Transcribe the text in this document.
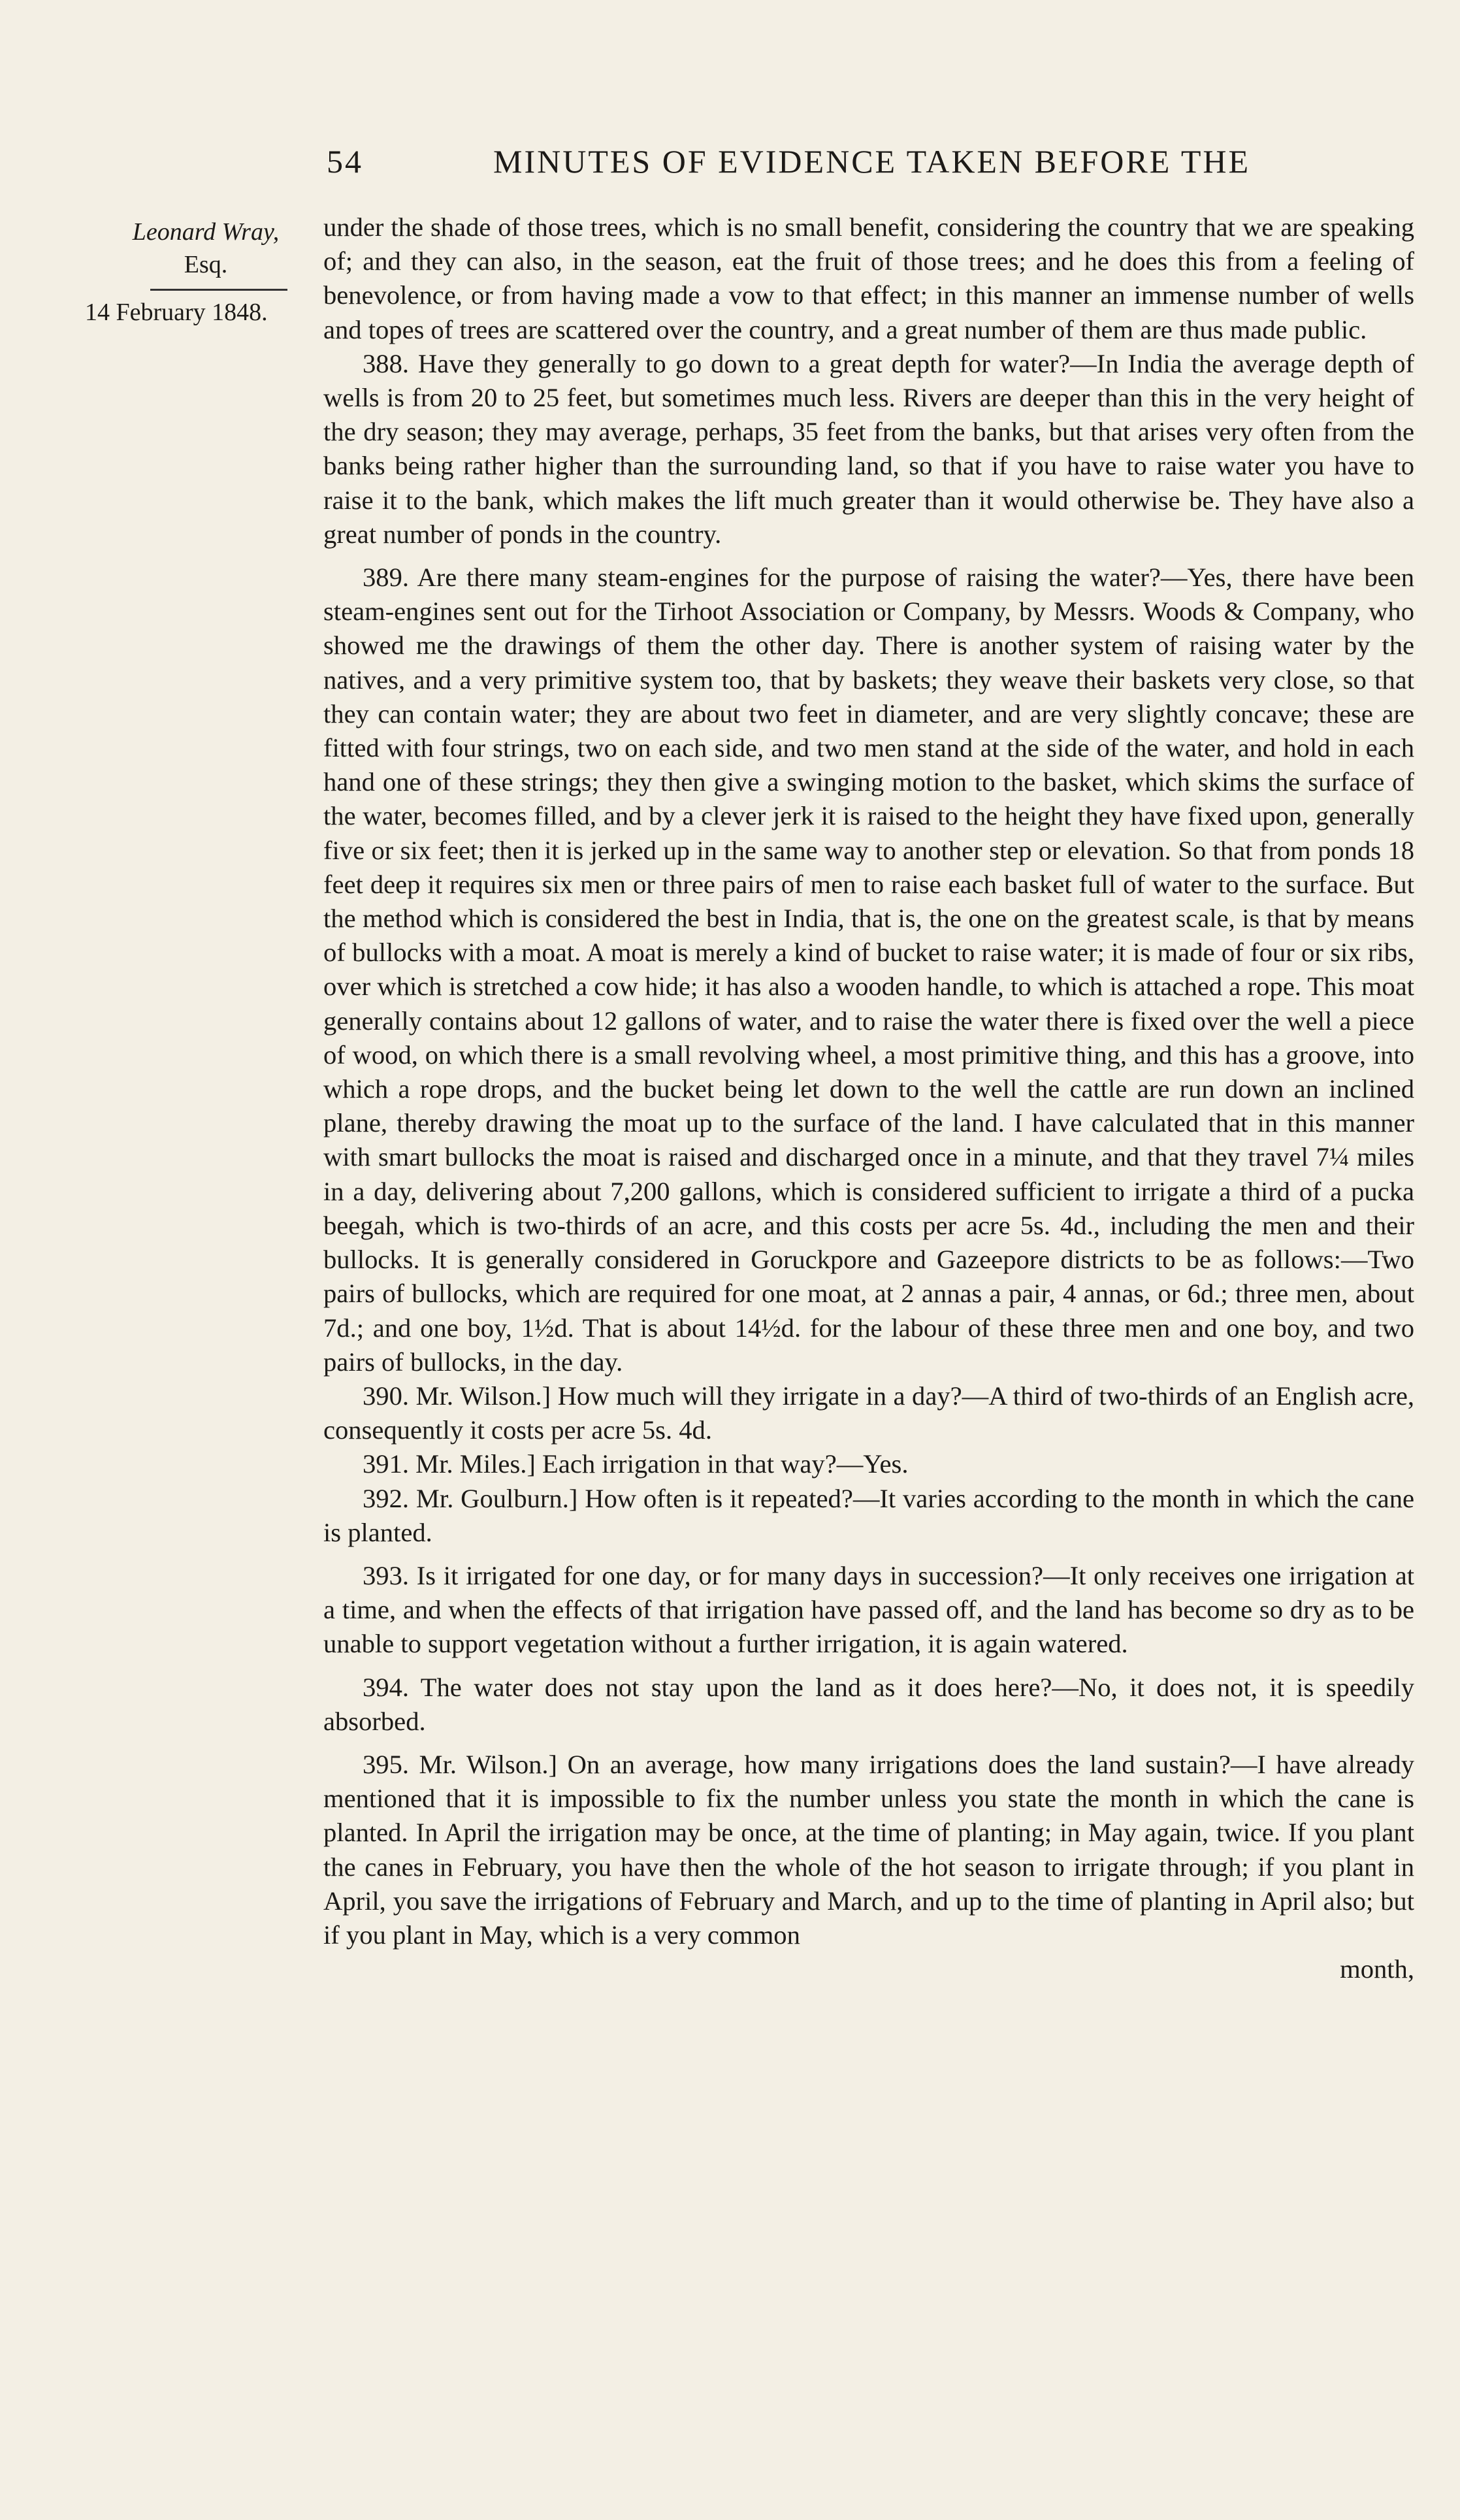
54	MINUTES OF EVIDENCE TAKEN BEFORE THE
Leonard Wray,
Esq.
14 February 1848.

under the shade of those trees, which is no small benefit, considering the country that we are speaking of; and they can also, in the season, eat the fruit of those trees; and he does this from a feeling of benevolence, or from having made a vow to that effect; in this manner an immense number of wells and topes of trees are scattered over the country, and a great number of them are thus made public.

388. Have they generally to go down to a great depth for water?—In India the average depth of wells is from 20 to 25 feet, but sometimes much less. Rivers are deeper than this in the very height of the dry season; they may average, perhaps, 35 feet from the banks, but that arises very often from the banks being rather higher than the surrounding land, so that if you have to raise water you have to raise it to the bank, which makes the lift much greater than it would otherwise be. They have also a great number of ponds in the country.

389. Are there many steam-engines for the purpose of raising the water?—Yes, there have been steam-engines sent out for the Tirhoot Association or Company, by Messrs. Woods & Company, who showed me the drawings of them the other day. There is another system of raising water by the natives, and a very primitive system too, that by baskets; they weave their baskets very close, so that they can contain water; they are about two feet in diameter, and are very slightly concave; these are fitted with four strings, two on each side, and two men stand at the side of the water, and hold in each hand one of these strings; they then give a swinging motion to the basket, which skims the surface of the water, becomes filled, and by a clever jerk it is raised to the height they have fixed upon, generally five or six feet; then it is jerked up in the same way to another step or elevation. So that from ponds 18 feet deep it requires six men or three pairs of men to raise each basket full of water to the surface. But the method which is considered the best in India, that is, the one on the greatest scale, is that by means of bullocks with a moat. A moat is merely a kind of bucket to raise water; it is made of four or six ribs, over which is stretched a cow hide; it has also a wooden handle, to which is attached a rope. This moat generally contains about 12 gallons of water, and to raise the water there is fixed over the well a piece of wood, on which there is a small revolving wheel, a most primitive thing, and this has a groove, into which a rope drops, and the bucket being let down to the well the cattle are run down an inclined plane, thereby drawing the moat up to the surface of the land. I have calculated that in this manner with smart bullocks the moat is raised and discharged once in a minute, and that they travel 7¼ miles in a day, delivering about 7,200 gallons, which is considered sufficient to irrigate a third of a pucka beegah, which is two-thirds of an acre, and this costs per acre 5s. 4d., including the men and their bullocks. It is generally considered in Goruckpore and Gazeepore districts to be as follows:—Two pairs of bullocks, which are required for one moat, at 2 annas a pair, 4 annas, or 6d.; three men, about 7d.; and one boy, 1½d. That is about 14½d. for the labour of these three men and one boy, and two pairs of bullocks, in the day.

390. Mr. Wilson.] How much will they irrigate in a day?—A third of two-thirds of an English acre, consequently it costs per acre 5s. 4d.

391. Mr. Miles.] Each irrigation in that way?—Yes.

392. Mr. Goulburn.] How often is it repeated?—It varies according to the month in which the cane is planted.

393. Is it irrigated for one day, or for many days in succession?—It only receives one irrigation at a time, and when the effects of that irrigation have passed off, and the land has become so dry as to be unable to support vegetation without a further irrigation, it is again watered.

394. The water does not stay upon the land as it does here?—No, it does not, it is speedily absorbed.

395. Mr. Wilson.] On an average, how many irrigations does the land sustain?—I have already mentioned that it is impossible to fix the number unless you state the month in which the cane is planted. In April the irrigation may be once, at the time of planting; in May again, twice. If you plant the canes in February, you have then the whole of the hot season to irrigate through; if you plant in April, you save the irrigations of February and March, and up to the time of planting in April also; but if you plant in May, which is a very common

month,
